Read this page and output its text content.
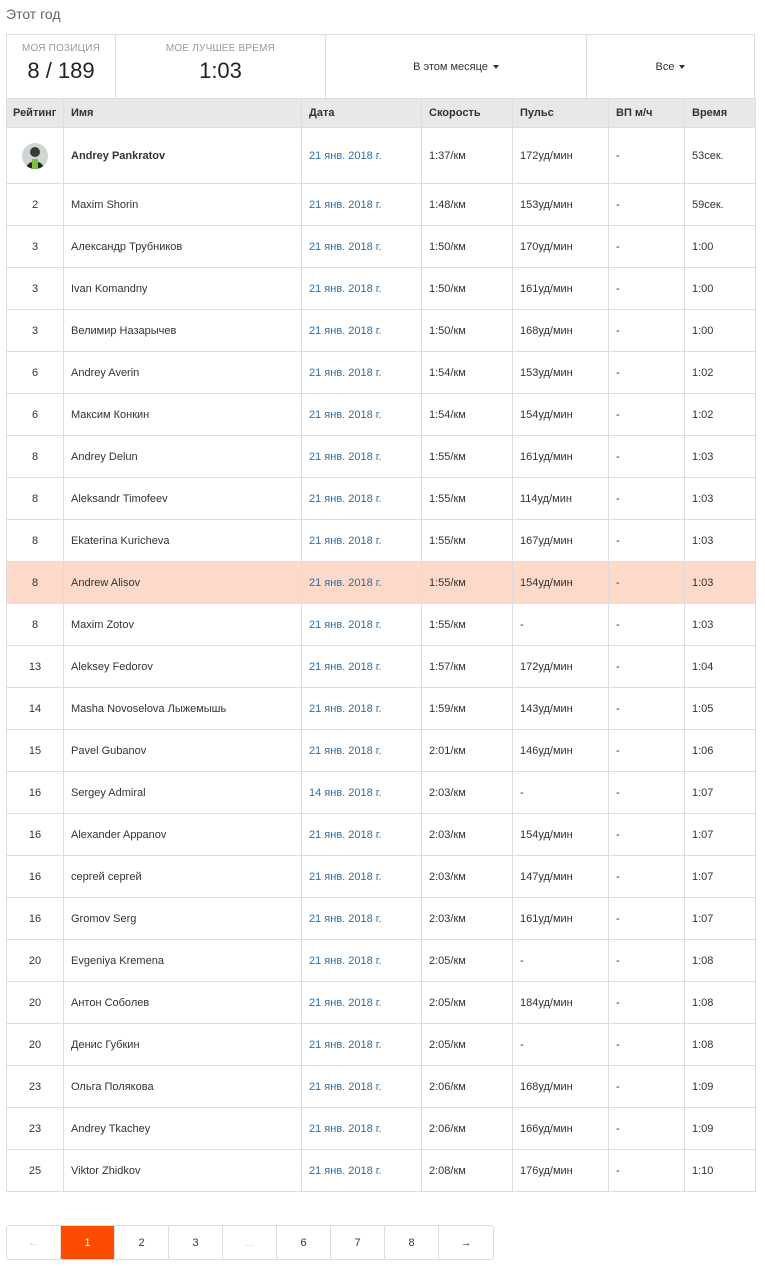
Этот год
МОЯ ПОЗИЦИЯ
8 / 189
МОЕ ЛУЧШЕЕ ВРЕМЯ
1:03	В этом месяце	Все
Рейтинг	Имя	Дата	Скорость	Пульс	ВП м/ч	Время
	Andrey Pankratov	21 янв. 2018 г.	1:37/км	172уд/мин	-	53сек.
2	Maxim Shorin	21 янв. 2018 г.	1:48/км	153уд/мин	-	59сек.
3	Александр Трубников	21 янв. 2018 г.	1:50/км	170уд/мин	-	1:00
3	Ivan Komandny	21 янв. 2018 г.	1:50/км	161уд/мин	-	1:00
3	Велимир Назарычев	21 янв. 2018 г.	1:50/км	168уд/мин	-	1:00
6	Andrey Averin	21 янв. 2018 г.	1:54/км	153уд/мин	-	1:02
6	Максим Конкин	21 янв. 2018 г.	1:54/км	154уд/мин	-	1:02
8	Andrey Delun	21 янв. 2018 г.	1:55/км	161уд/мин	-	1:03
8	Aleksandr Timofeev	21 янв. 2018 г.	1:55/км	114уд/мин	-	1:03
8	Ekaterina Kuricheva	21 янв. 2018 г.	1:55/км	167уд/мин	-	1:03
8	Andrew Alisov	21 янв. 2018 г.	1:55/км	154уд/мин	-	1:03
8	Maxim Zotov	21 янв. 2018 г.	1:55/км	-	-	1:03
13	Aleksey Fedorov	21 янв. 2018 г.	1:57/км	172уд/мин	-	1:04
14	Masha Novoselova Лыжемышь	21 янв. 2018 г.	1:59/км	143уд/мин	-	1:05
15	Pavel Gubanov	21 янв. 2018 г.	2:01/км	146уд/мин	-	1:06
16	Sergey Admiral	14 янв. 2018 г.	2:03/км	-	-	1:07
16	Alexander Appanov	21 янв. 2018 г.	2:03/км	154уд/мин	-	1:07
16	сергей сергей	21 янв. 2018 г.	2:03/км	147уд/мин	-	1:07
16	Gromov Serg	21 янв. 2018 г.	2:03/км	161уд/мин	-	1:07
20	Evgeniya Kremena	21 янв. 2018 г.	2:05/км	-	-	1:08
20	Антон Соболев	21 янв. 2018 г.	2:05/км	184уд/мин	-	1:08
20	Денис Губкин	21 янв. 2018 г.	2:05/км	-	-	1:08
23	Ольга Полякова	21 янв. 2018 г.	2:06/км	168уд/мин	-	1:09
23	Andrey Tkachey	21 янв. 2018 г.	2:06/км	166уд/мин	-	1:09
25	Viktor Zhidkov	21 янв. 2018 г.	2:08/км	176уд/мин	-	1:10
←	1	2	3	...	6	7	8	→
